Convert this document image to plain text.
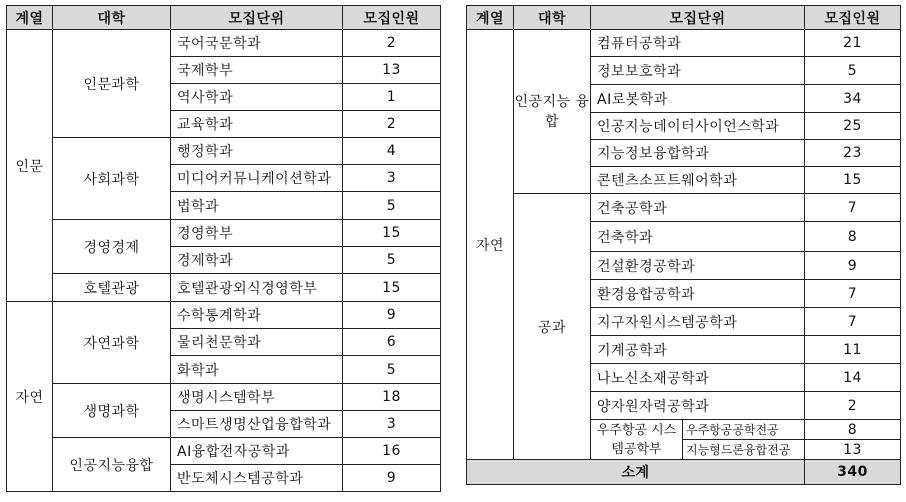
계열	대학	모집단위	모집인원
인문	인문과학	국어국문학과	2
		국제학부	13
		역사학과	1
		교육학과	2
	사회과학	행정학과	4
		미디어커뮤니케이션학과	3
		법학과	5
	경영경제	경영학부	15
		경제학과	5
	호텔관광	호텔관광외식경영학부	15
자연	자연과학	수학통계학과	9
		물리천문학과	6
		화학과	5
	생명과학	생명시스템학부	18
		스마트생명산업융합학과	3
	인공지능융합	AI융합전자공학과	16
		반도체시스템공학과	9
계열	대학	모집단위		모집인원
자연	인공지능 융합	컴퓨터공학과		21
		정보보호학과		5
		AI로봇학과		34
		인공지능데이터사이언스학과		25
		지능정보융합학과		23
		콘텐츠소프트웨어학과		15
	공과	건축공학과		7
		건축학과		8
		건설환경공학과		9
		환경융합공학과		7
		지구자원시스템공학과		7
		기계공학과		11
		나노신소재공학과		14
		양자원자력공학과		2
		우주항공 시스템공학부	우주항공공학전공	8
			지능형드론융합전공	13
소계				340
